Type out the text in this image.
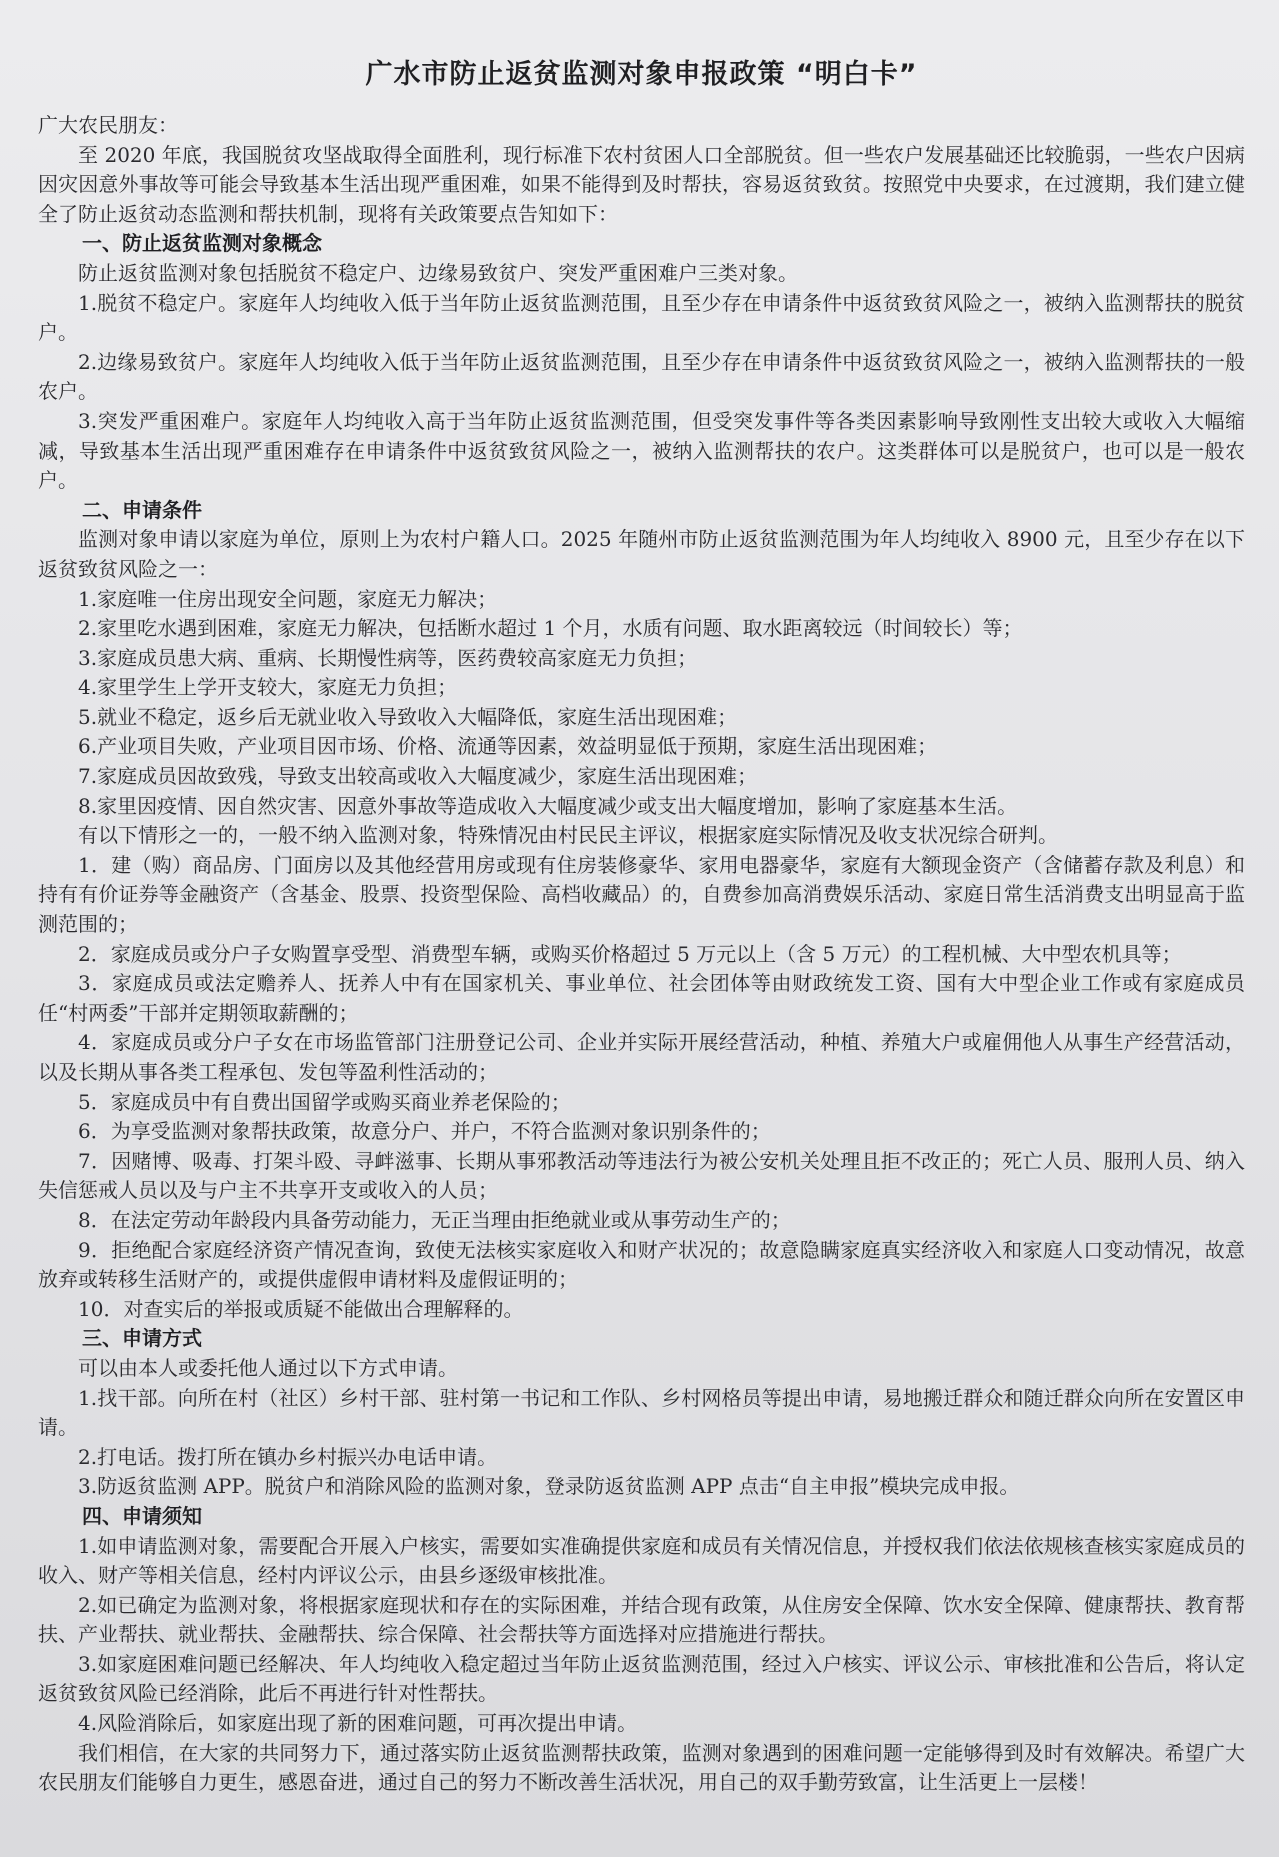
广水市防止返贫监测对象申报政策 “明白卡”
广大农民朋友：
至 2020 年底，我国脱贫攻坚战取得全面胜利，现行标准下农村贫困人口全部脱贫。但一些农户发展基础还比较脆弱，一些农户因病因灾因意外事故等可能会导致基本生活出现严重困难，如果不能得到及时帮扶，容易返贫致贫。按照党中央要求，在过渡期，我们建立健全了防止返贫动态监测和帮扶机制，现将有关政策要点告知如下：
一、防止返贫监测对象概念
防止返贫监测对象包括脱贫不稳定户、边缘易致贫户、突发严重困难户三类对象。
1.脱贫不稳定户。家庭年人均纯收入低于当年防止返贫监测范围，且至少存在申请条件中返贫致贫风险之一，被纳入监测帮扶的脱贫户。
2.边缘易致贫户。家庭年人均纯收入低于当年防止返贫监测范围，且至少存在申请条件中返贫致贫风险之一，被纳入监测帮扶的一般农户。
3.突发严重困难户。家庭年人均纯收入高于当年防止返贫监测范围，但受突发事件等各类因素影响导致刚性支出较大或收入大幅缩减，导致基本生活出现严重困难存在申请条件中返贫致贫风险之一，被纳入监测帮扶的农户。这类群体可以是脱贫户，也可以是一般农户。
二、申请条件
监测对象申请以家庭为单位，原则上为农村户籍人口。2025 年随州市防止返贫监测范围为年人均纯收入 8900 元，且至少存在以下返贫致贫风险之一：
1.家庭唯一住房出现安全问题，家庭无力解决；
2.家里吃水遇到困难，家庭无力解决，包括断水超过 1 个月，水质有问题、取水距离较远（时间较长）等；
3.家庭成员患大病、重病、长期慢性病等，医药费较高家庭无力负担；
4.家里学生上学开支较大，家庭无力负担；
5.就业不稳定，返乡后无就业收入导致收入大幅降低，家庭生活出现困难；
6.产业项目失败，产业项目因市场、价格、流通等因素，效益明显低于预期，家庭生活出现困难；
7.家庭成员因故致残，导致支出较高或收入大幅度减少，家庭生活出现困难；
8.家里因疫情、因自然灾害、因意外事故等造成收入大幅度减少或支出大幅度增加，影响了家庭基本生活。
有以下情形之一的，一般不纳入监测对象，特殊情况由村民民主评议，根据家庭实际情况及收支状况综合研判。
1．建（购）商品房、门面房以及其他经营用房或现有住房装修豪华、家用电器豪华，家庭有大额现金资产（含储蓄存款及利息）和持有有价证券等金融资产（含基金、股票、投资型保险、高档收藏品）的，自费参加高消费娱乐活动、家庭日常生活消费支出明显高于监测范围的；
2．家庭成员或分户子女购置享受型、消费型车辆，或购买价格超过 5 万元以上（含 5 万元）的工程机械、大中型农机具等；
3．家庭成员或法定赡养人、抚养人中有在国家机关、事业单位、社会团体等由财政统发工资、国有大中型企业工作或有家庭成员任“村两委”干部并定期领取薪酬的；
4．家庭成员或分户子女在市场监管部门注册登记公司、企业并实际开展经营活动，种植、养殖大户或雇佣他人从事生产经营活动，以及长期从事各类工程承包、发包等盈利性活动的；
5．家庭成员中有自费出国留学或购买商业养老保险的；
6．为享受监测对象帮扶政策，故意分户、并户，不符合监测对象识别条件的；
7．因赌博、吸毒、打架斗殴、寻衅滋事、长期从事邪教活动等违法行为被公安机关处理且拒不改正的；死亡人员、服刑人员、纳入失信惩戒人员以及与户主不共享开支或收入的人员；
8．在法定劳动年龄段内具备劳动能力，无正当理由拒绝就业或从事劳动生产的；
9．拒绝配合家庭经济资产情况查询，致使无法核实家庭收入和财产状况的；故意隐瞒家庭真实经济收入和家庭人口变动情况，故意放弃或转移生活财产的，或提供虚假申请材料及虚假证明的；
10．对查实后的举报或质疑不能做出合理解释的。
三、申请方式
可以由本人或委托他人通过以下方式申请。
1.找干部。向所在村（社区）乡村干部、驻村第一书记和工作队、乡村网格员等提出申请，易地搬迁群众和随迁群众向所在安置区申请。
2.打电话。拨打所在镇办乡村振兴办电话申请。
3.防返贫监测 APP。脱贫户和消除风险的监测对象，登录防返贫监测 APP 点击“自主申报”模块完成申报。
四、申请须知
1.如申请监测对象，需要配合开展入户核实，需要如实准确提供家庭和成员有关情况信息，并授权我们依法依规核查核实家庭成员的收入、财产等相关信息，经村内评议公示，由县乡逐级审核批准。
2.如已确定为监测对象，将根据家庭现状和存在的实际困难，并结合现有政策，从住房安全保障、饮水安全保障、健康帮扶、教育帮扶、产业帮扶、就业帮扶、金融帮扶、综合保障、社会帮扶等方面选择对应措施进行帮扶。
3.如家庭困难问题已经解决、年人均纯收入稳定超过当年防止返贫监测范围，经过入户核实、评议公示、审核批准和公告后，将认定返贫致贫风险已经消除，此后不再进行针对性帮扶。
4.风险消除后，如家庭出现了新的困难问题，可再次提出申请。
我们相信，在大家的共同努力下，通过落实防止返贫监测帮扶政策，监测对象遇到的困难问题一定能够得到及时有效解决。希望广大农民朋友们能够自力更生，感恩奋进，通过自己的努力不断改善生活状况，用自己的双手勤劳致富，让生活更上一层楼！
